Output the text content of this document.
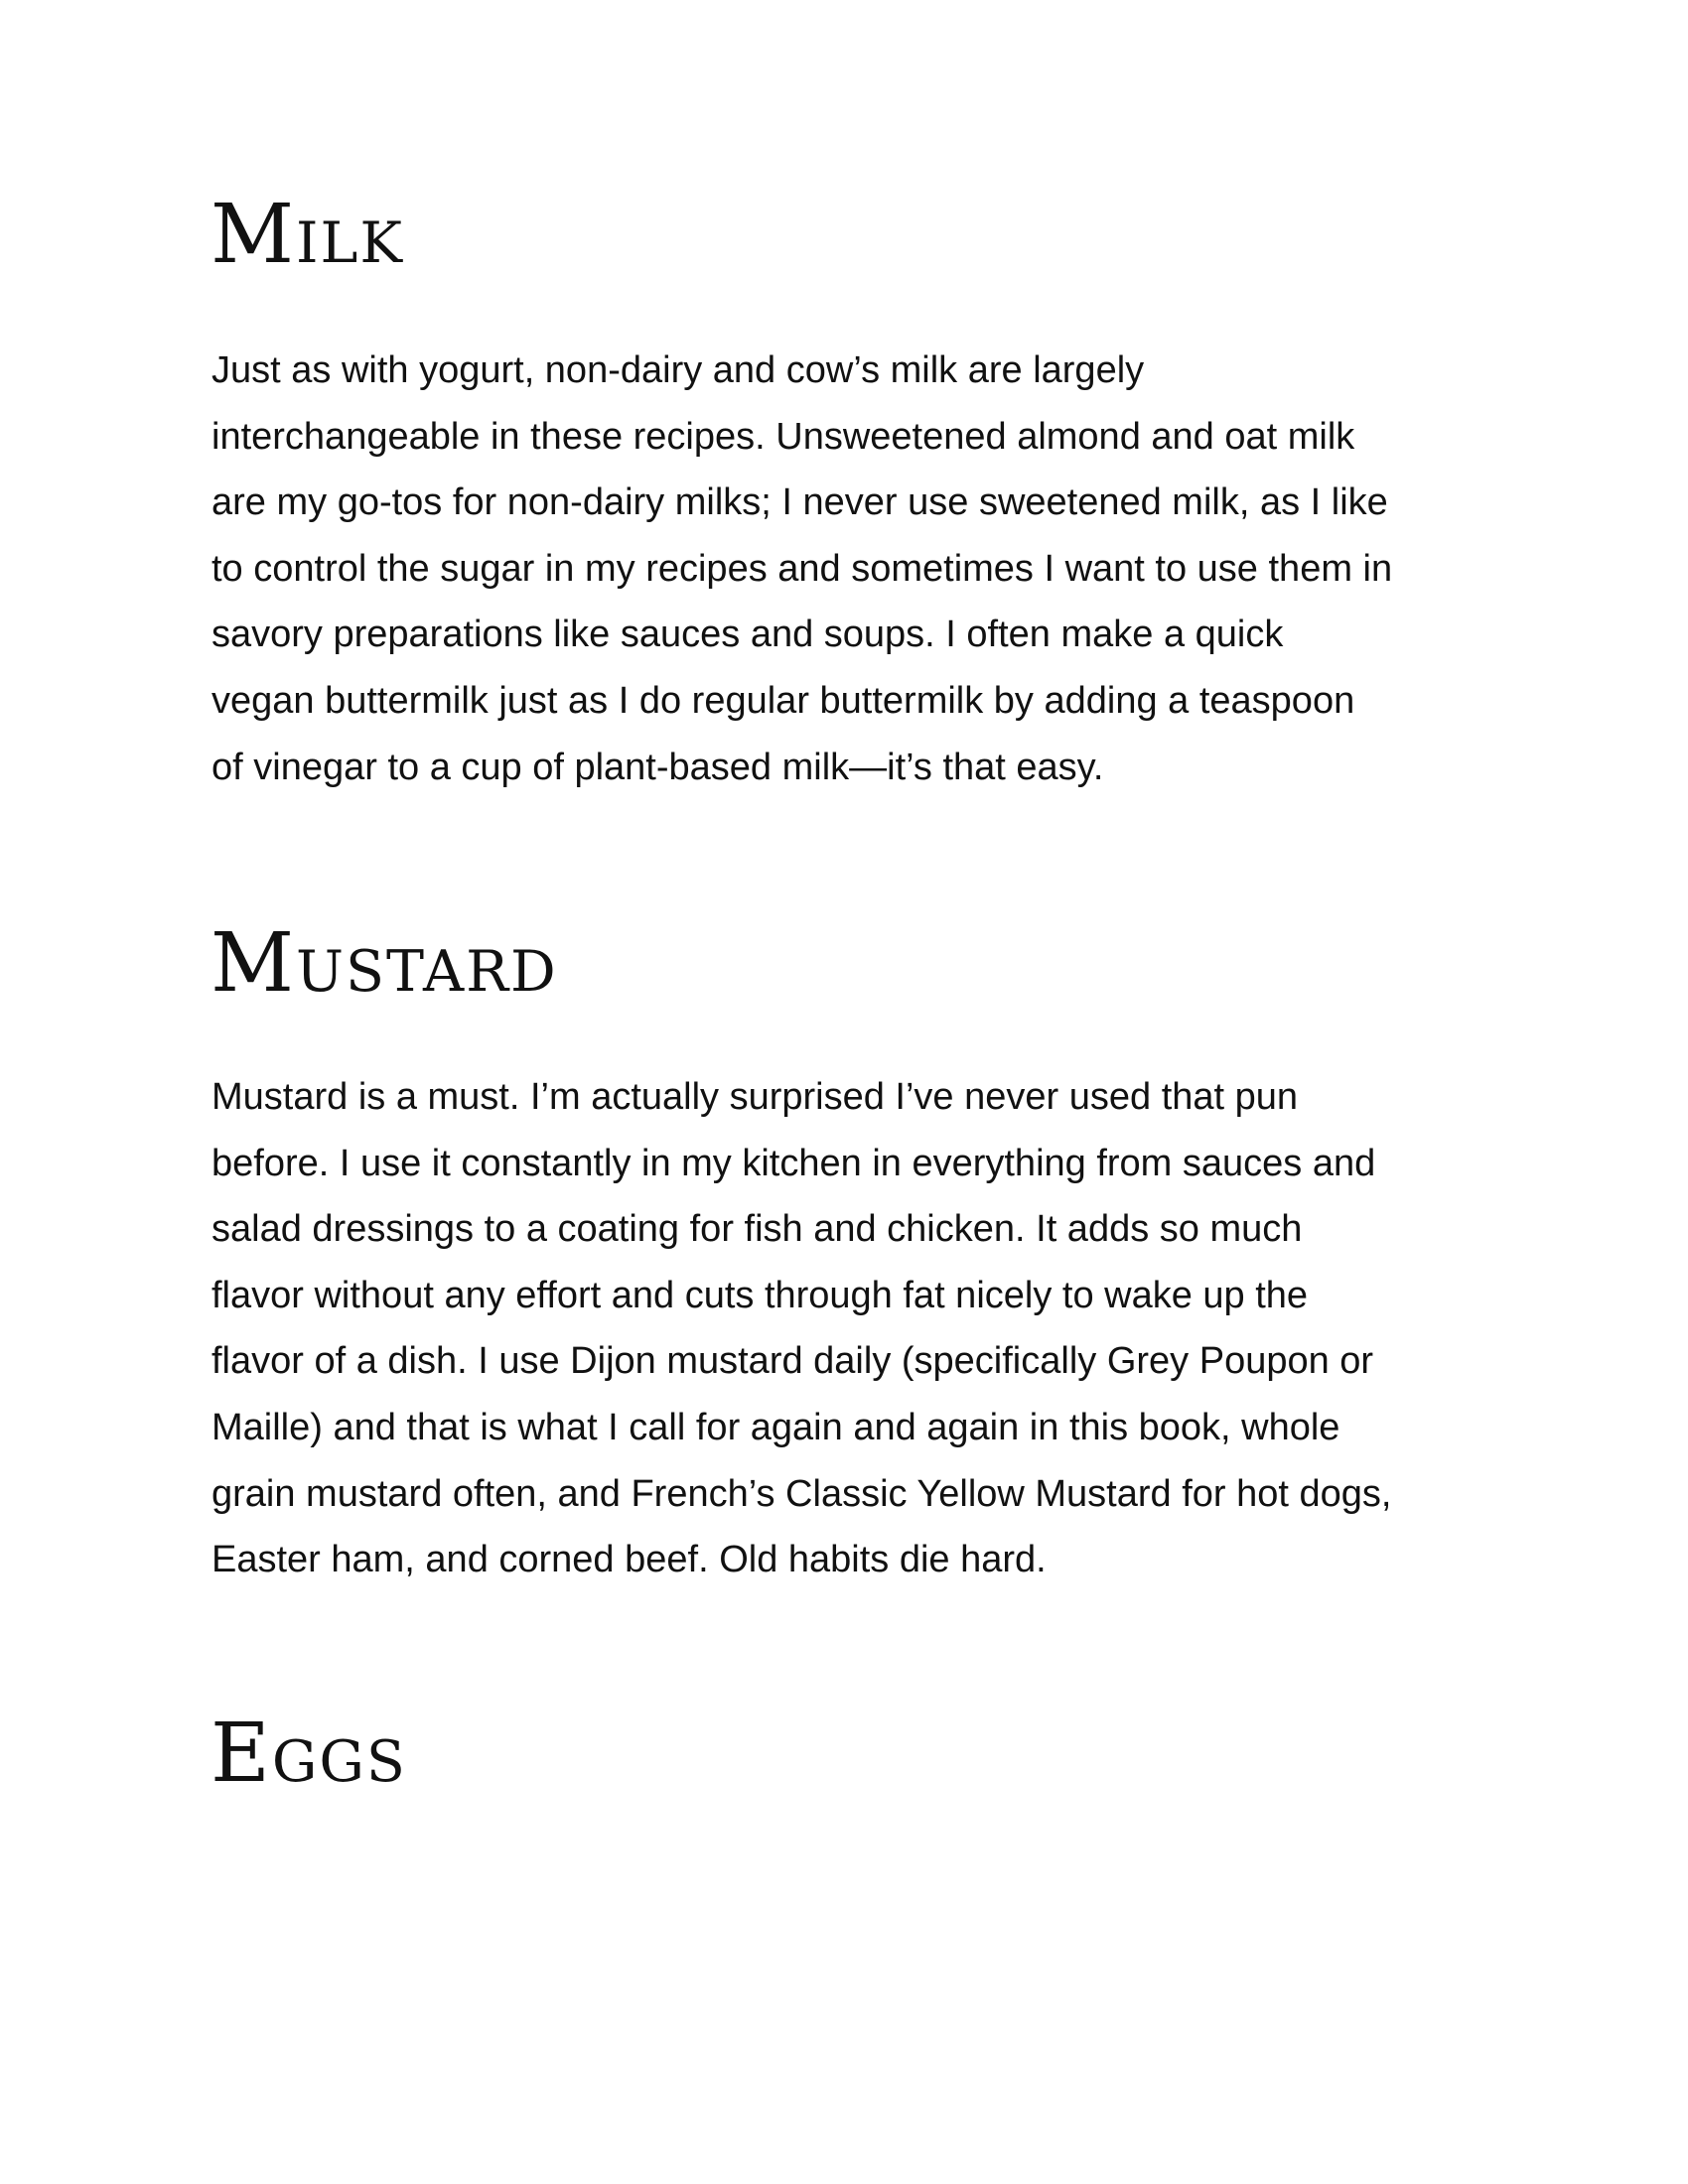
Milk
Just as with yogurt, non-dairy and cow’s milk are largely
interchangeable in these recipes. Unsweetened almond and oat milk
are my go-tos for non-dairy milks; I never use sweetened milk, as I like
to control the sugar in my recipes and sometimes I want to use them in
savory preparations like sauces and soups. I often make a quick
vegan buttermilk just as I do regular buttermilk by adding a teaspoon
of vinegar to a cup of plant-based milk—it’s that easy.
Mustard
Mustard is a must. I’m actually surprised I’ve never used that pun
before. I use it constantly in my kitchen in everything from sauces and
salad dressings to a coating for fish and chicken. It adds so much
flavor without any effort and cuts through fat nicely to wake up the
flavor of a dish. I use Dijon mustard daily (specifically Grey Poupon or
Maille) and that is what I call for again and again in this book, whole
grain mustard often, and French’s Classic Yellow Mustard for hot dogs,
Easter ham, and corned beef. Old habits die hard.
Eggs
